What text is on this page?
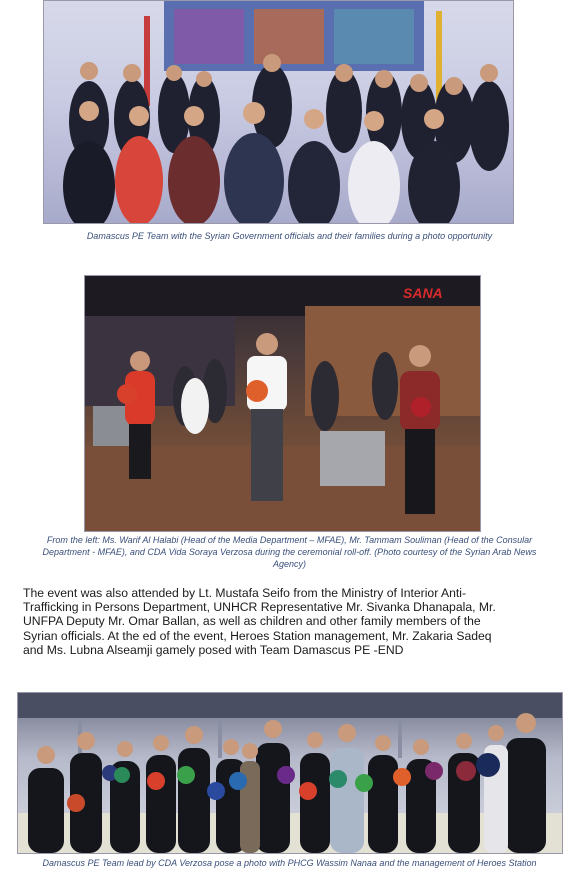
Damascus PE Team with the Syrian Government officials and their families during a photo opportunity
SANA
From the left: Ms. Warif Al Halabi (Head of the Media Department – MFAE), Mr. Tammam Souliman (Head of the Consular
Department - MFAE), and CDA Vida Soraya Verzosa during the ceremonial roll-off. (Photo courtesy of the Syrian Arab News
Agency)
The event was also attended by Lt. Mustafa Seifo from the Ministry of Interior Anti-
Trafficking in Persons Department, UNHCR Representative Mr. Sivanka Dhanapala, Mr.
UNFPA Deputy Mr. Omar Ballan, as well as children and other family members of the
Syrian officials. At the ed of the event, Heroes Station management, Mr. Zakaria Sadeq
and Ms. Lubna Alseamji gamely posed with Team Damascus PE -END
Damascus PE Team lead by CDA Verzosa pose a photo with PHCG Wassim Nanaa and the management of Heroes Station
